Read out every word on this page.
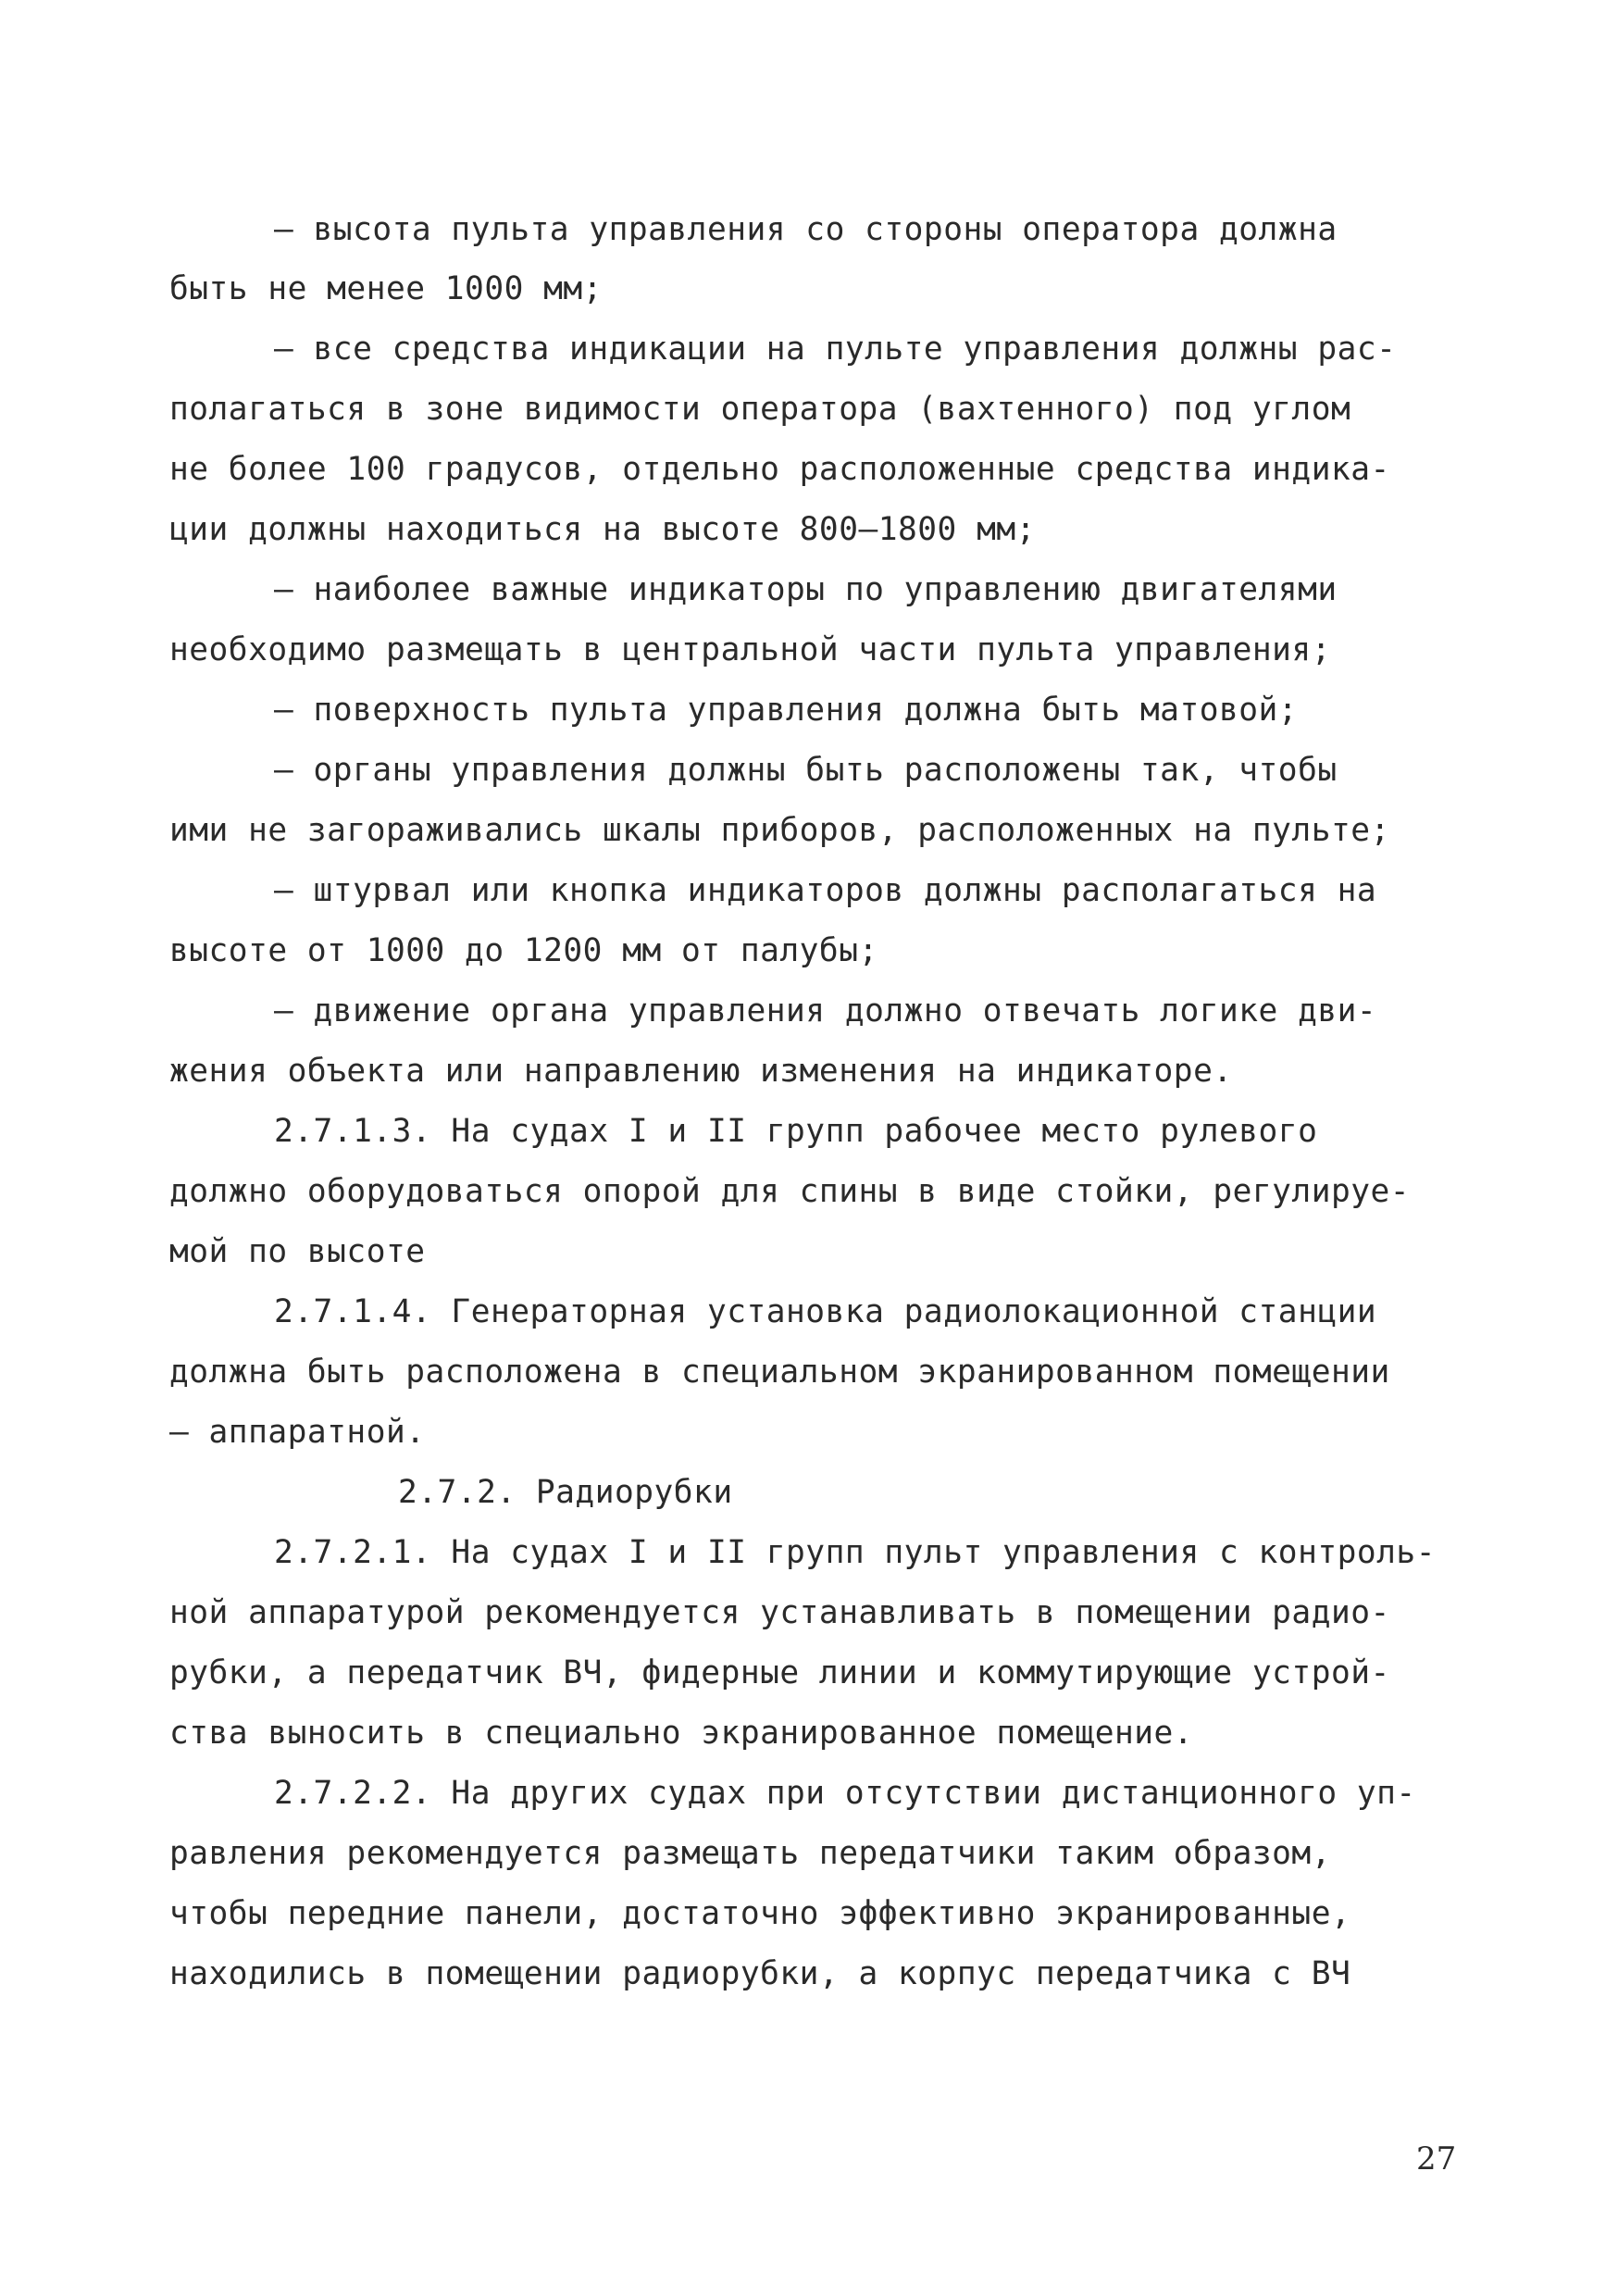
– высота пульта управления со стороны оператора должна
быть не менее 1000 мм;
– все средства индикации на пульте управления должны рас-
полагаться в зоне видимости оператора (вахтенного) под углом
не более 100 градусов, отдельно расположенные средства индика-
ции должны находиться на высоте 800–1800 мм;
– наиболее важные индикаторы по управлению двигателями
необходимо размещать в центральной части пульта управления;
– поверхность пульта управления должна быть матовой;
– органы управления должны быть расположены так, чтобы
ими не загораживались шкалы приборов, расположенных на пульте;
– штурвал или кнопка индикаторов должны располагаться на
высоте от 1000 до 1200 мм от палубы;
– движение органа управления должно отвечать логике дви-
жения объекта или направлению изменения на индикаторе.
2.7.1.3. На судах I и II групп рабочее место рулевого
должно оборудоваться опорой для спины в виде стойки, регулируе-
мой по высоте
2.7.1.4. Генераторная установка радиолокационной станции
должна быть расположена в специальном экранированном помещении
– аппаратной.
2.7.2. Радиорубки
2.7.2.1. На судах I и II групп пульт управления с контроль-
ной аппаратурой рекомендуется устанавливать в помещении радио-
рубки, а передатчик ВЧ, фидерные линии и коммутирующие устрой-
ства выносить в специально экранированное помещение.
2.7.2.2. На других судах при отсутствии дистанционного уп-
равления рекомендуется размещать передатчики таким образом,
чтобы передние панели, достаточно эффективно экранированные,
находились в помещении радиорубки, а корпус передатчика с ВЧ
27
